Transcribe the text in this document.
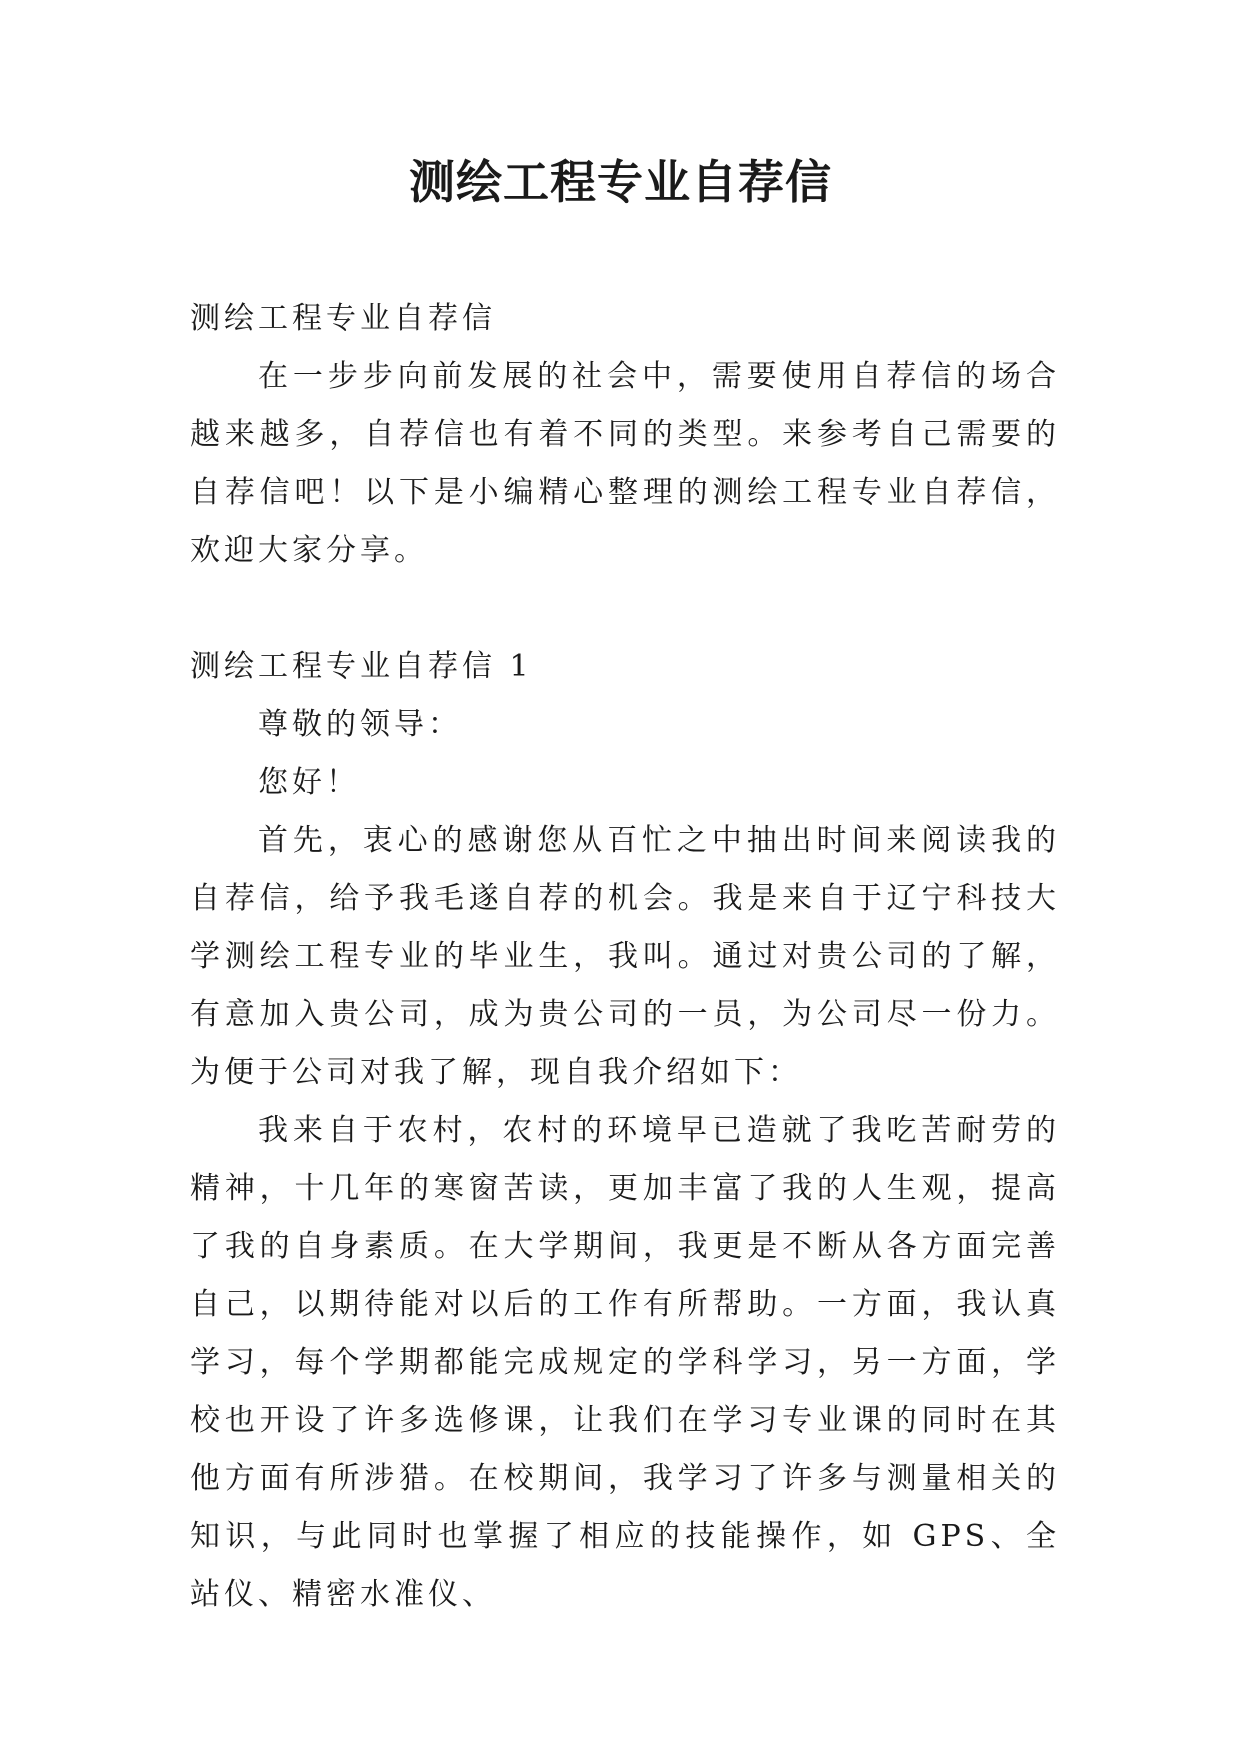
测绘工程专业自荐信

测绘工程专业自荐信

在一步步向前发展的社会中，需要使用自荐信的场合越来越多，自荐信也有着不同的类型。来参考自己需要的自荐信吧！以下是小编精心整理的测绘工程专业自荐信，欢迎大家分享。

测绘工程专业自荐信 1

尊敬的领导：

您好！

首先，衷心的感谢您从百忙之中抽出时间来阅读我的自荐信，给予我毛遂自荐的机会。我是来自于辽宁科技大学测绘工程专业的毕业生，我叫。通过对贵公司的了解，有意加入贵公司，成为贵公司的一员，为公司尽一份力。为便于公司对我了解，现自我介绍如下：

我来自于农村，农村的环境早已造就了我吃苦耐劳的精神，十几年的寒窗苦读，更加丰富了我的人生观，提高了我的自身素质。在大学期间，我更是不断从各方面完善自己，以期待能对以后的工作有所帮助。一方面，我认真学习，每个学期都能完成规定的学科学习，另一方面，学校也开设了许多选修课，让我们在学习专业课的同时在其他方面有所涉猎。在校期间，我学习了许多与测量相关的知识，与此同时也掌握了相应的技能操作，如 GPS、全站仪、精密水准仪、
